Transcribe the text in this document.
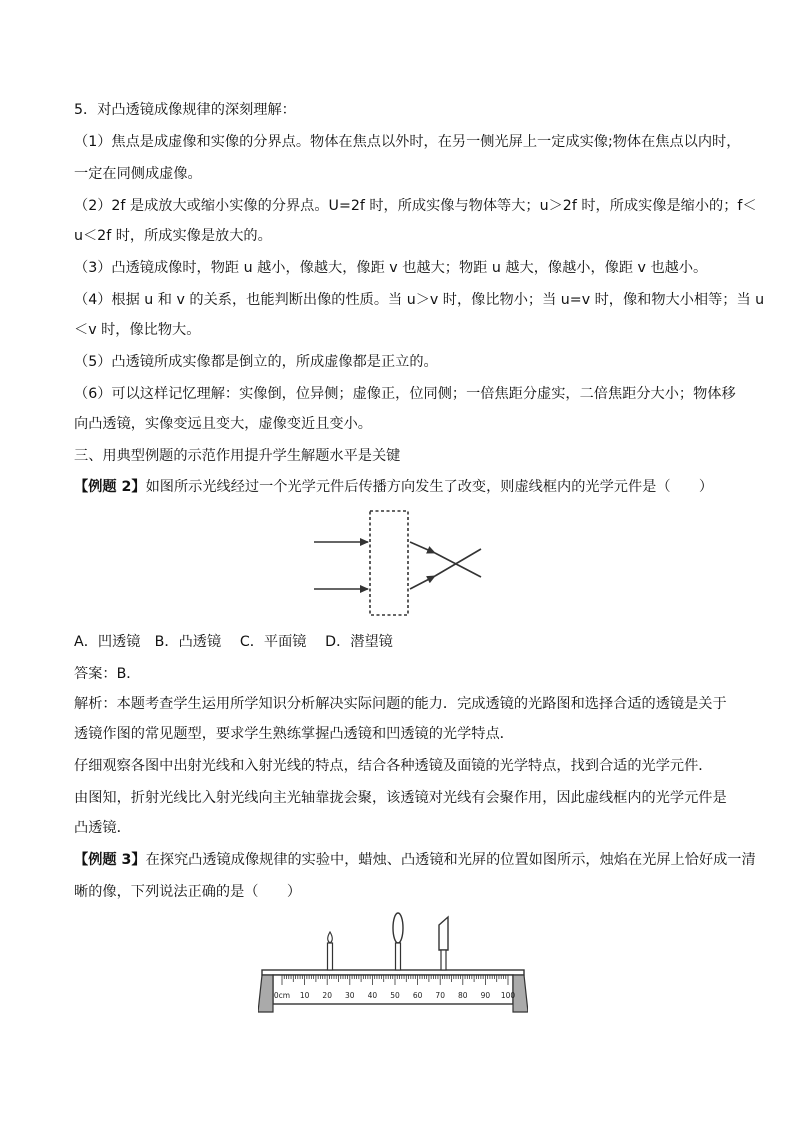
5．对凸透镜成像规律的深刻理解：
（1）焦点是成虚像和实像的分界点。物体在焦点以外时，在另一侧光屏上一定成实像;物体在焦点以内时，
一定在同侧成虚像。
（2）2f 是成放大或缩小实像的分界点。U=2f 时，所成实像与物体等大；u＞2f 时，所成实像是缩小的；f＜
u＜2f 时，所成实像是放大的。
（3）凸透镜成像时，物距 u 越小，像越大，像距 v 也越大；物距 u 越大，像越小，像距 v 也越小。
（4）根据 u 和 v 的关系，也能判断出像的性质。当 u＞v 时，像比物小；当 u=v 时，像和物大小相等；当 u
＜v 时，像比物大。
（5）凸透镜所成实像都是倒立的，所成虚像都是正立的。
（6）可以这样记忆理解：实像倒，位异侧；虚像正，位同侧；一倍焦距分虚实，二倍焦距分大小；物体移
向凸透镜，实像变远且变大，虚像变近且变小。
三、用典型例题的示范作用提升学生解题水平是关键
【例题 2】如图所示光线经过一个光学元件后传播方向发生了改变，则虚线框内的光学元件是（　　）
A．凹透镜　B．凸透镜　 C．平面镜　 D．潜望镜
答案：B．
解析：本题考查学生运用所学知识分析解决实际问题的能力．完成透镜的光路图和选择合适的透镜是关于
透镜作图的常见题型，要求学生熟练掌握凸透镜和凹透镜的光学特点．
仔细观察各图中出射光线和入射光线的特点，结合各种透镜及面镜的光学特点，找到合适的光学元件．
由图知，折射光线比入射光线向主光轴靠拢会聚，该透镜对光线有会聚作用，因此虚线框内的光学元件是
凸透镜．
【例题 3】在探究凸透镜成像规律的实验中，蜡烛、凸透镜和光屏的位置如图所示，烛焰在光屏上恰好成一清
晰的像，下列说法正确的是（　　）
0cm 10 20 30 40 50 60 70 80 90 100
